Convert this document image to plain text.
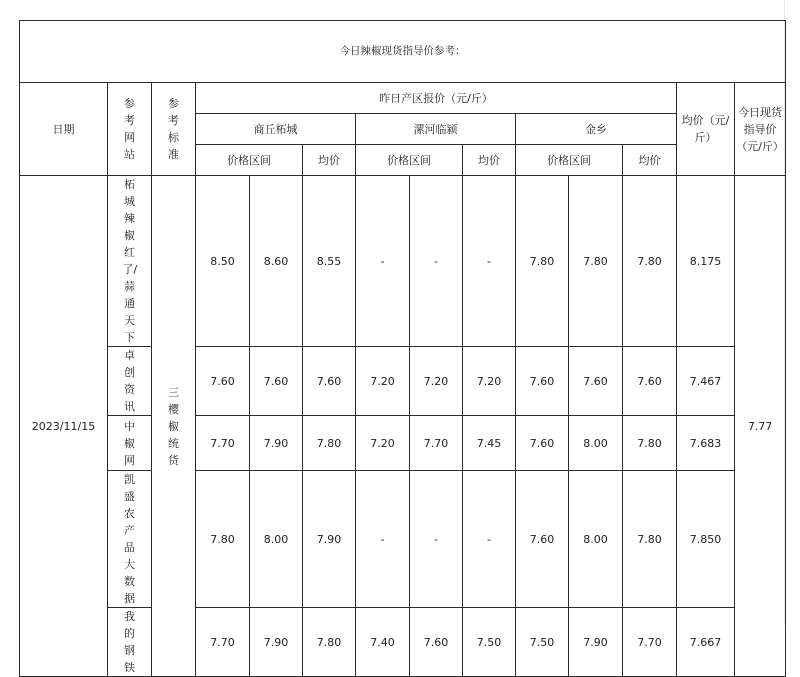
今日辣椒现货指导价参考：													
日期	参考网站	参考标准	昨日产区报价（元/斤）									均价（元/斤）	今日现货指导价（元/斤）
			商丘柘城			漯河临颍			金乡				
			价格区间		均价	价格区间		均价	价格区间		均价		
2023/11/15	柘城辣椒红了/蒜通天下	三樱椒统货	8.50	8.60	8.55	-	-	-	7.80	7.80	7.80	8.175	7.77
	卓创资讯		7.60	7.60	7.60	7.20	7.20	7.20	7.60	7.60	7.60	7.467	
	中椒网		7.70	7.90	7.80	7.20	7.70	7.45	7.60	8.00	7.80	7.683	
	凯盛农产品大数据		7.80	8.00	7.90	-	-	-	7.60	8.00	7.80	7.850	
	我的钢铁		7.70	7.90	7.80	7.40	7.60	7.50	7.50	7.90	7.70	7.667	
